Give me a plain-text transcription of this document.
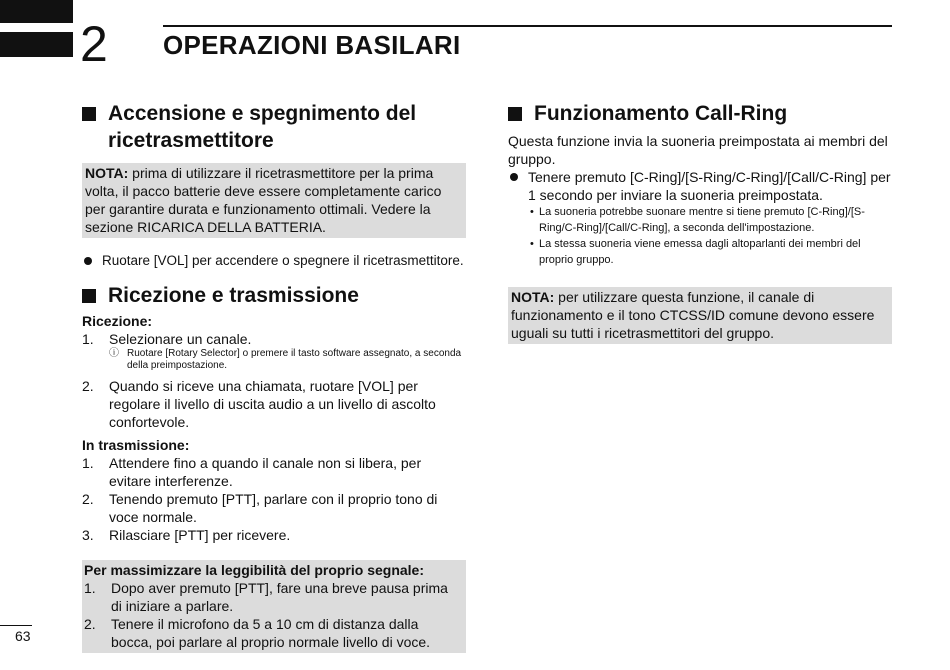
2 OPERAZIONI BASILARI
Accensione e spegnimento del ricetrasmettitore
NOTA: prima di utilizzare il ricetrasmettitore per la prima volta, il pacco batterie deve essere completamente carico per garantire durata e funzionamento ottimali. Vedere la sezione RICARICA DELLA BATTERIA.
Ruotare [VOL] per accendere o spegnere il ricetrasmettitore.
Ricezione e trasmissione

Ricezione:

1.	Selezionare un canale.
ⓘ Ruotare [Rotary Selector] o premere il tasto software assegnato, a seconda della preimpostazione.
2.	Quando si riceve una chiamata, ruotare [VOL] per regolare il livello di uscita audio a un livello di ascolto confortevole.

In trasmissione:

1.	Attendere fino a quando il canale non si libera, per evitare interferenze.
2.	Tenendo premuto [PTT], parlare con il proprio tono di voce normale.
3.	Rilasciare [PTT] per ricevere.

Per massimizzare la leggibilità del proprio segnale:

1.	Dopo aver premuto [PTT], fare una breve pausa prima di iniziare a parlare.
2.	Tenere il microfono da 5 a 10 cm di distanza dalla bocca, poi parlare al proprio normale livello di voce.
Funzionamento Call-Ring

Questa funzione invia la suoneria preimpostata ai membri del gruppo.

Tenere premuto [C-Ring]/[S-Ring/C-Ring]/[Call/C-Ring] per 1 secondo per inviare la suoneria preimpostata.
• La suoneria potrebbe suonare mentre si tiene premuto [C-Ring]/[S-Ring/C-Ring]/[Call/C-Ring], a seconda dell'impostazione.
• La stessa suoneria viene emessa dagli altoparlanti dei membri del proprio gruppo.
NOTA: per utilizzare questa funzione, il canale di funzionamento e il tono CTCSS/ID comune devono essere uguali su tutti i ricetrasmettitori del gruppo.
63
